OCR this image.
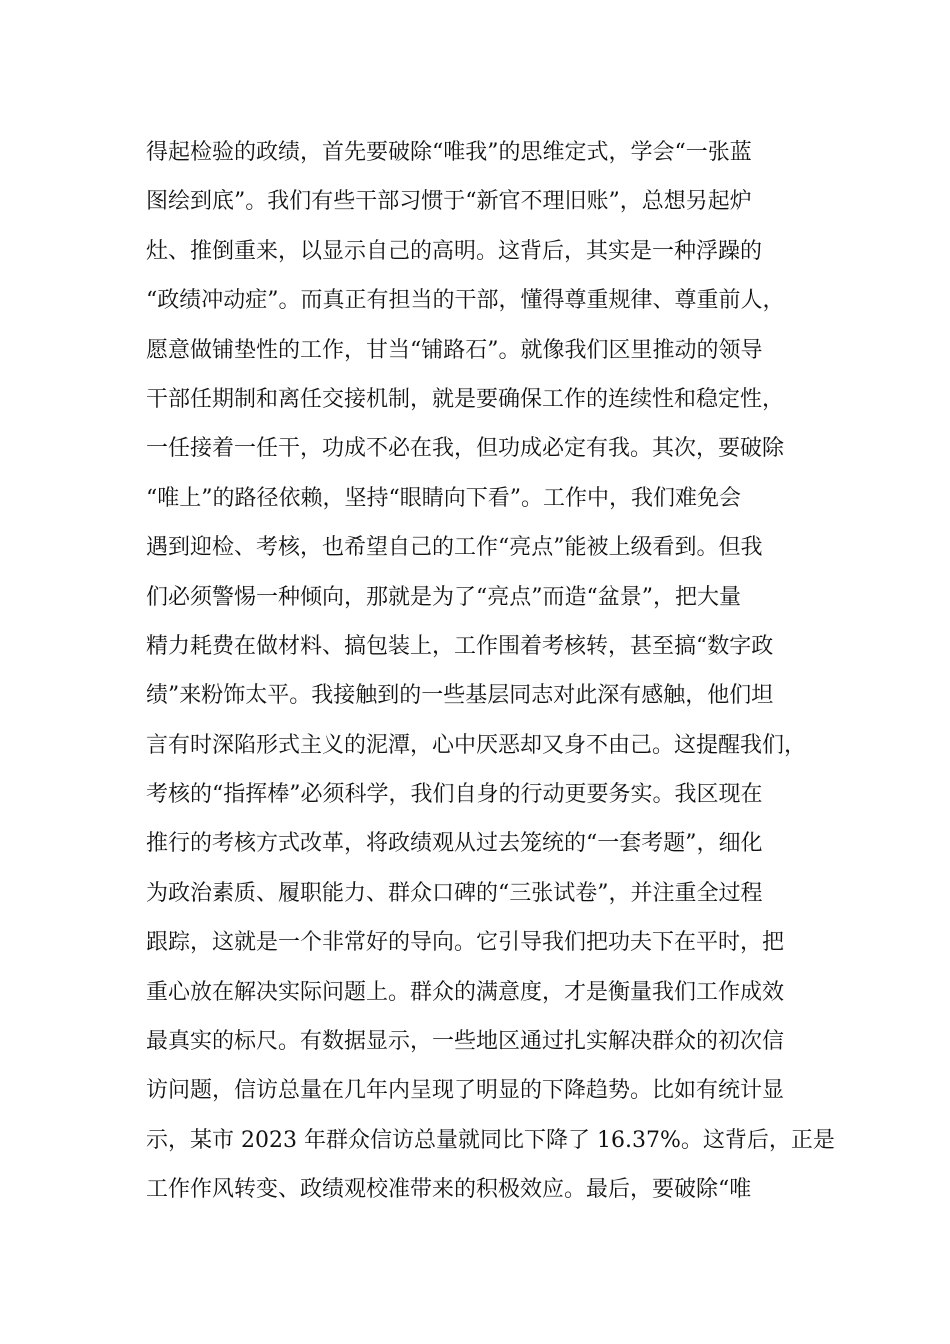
得起检验的政绩，首先要破除“唯我”的思维定式，学会“一张蓝
图绘到底”。我们有些干部习惯于“新官不理旧账”，总想另起炉
灶、推倒重来，以显示自己的高明。这背后，其实是一种浮躁的
“政绩冲动症”。而真正有担当的干部，懂得尊重规律、尊重前人，
愿意做铺垫性的工作，甘当“铺路石”。就像我们区里推动的领导
干部任期制和离任交接机制，就是要确保工作的连续性和稳定性，
一任接着一任干，功成不必在我，但功成必定有我。其次，要破除
“唯上”的路径依赖，坚持“眼睛向下看”。工作中，我们难免会
遇到迎检、考核，也希望自己的工作“亮点”能被上级看到。但我
们必须警惕一种倾向，那就是为了“亮点”而造“盆景”，把大量
精力耗费在做材料、搞包装上，工作围着考核转，甚至搞“数字政
绩”来粉饰太平。我接触到的一些基层同志对此深有感触，他们坦
言有时深陷形式主义的泥潭，心中厌恶却又身不由己。这提醒我们，
考核的“指挥棒”必须科学，我们自身的行动更要务实。我区现在
推行的考核方式改革，将政绩观从过去笼统的“一套考题”，细化
为政治素质、履职能力、群众口碑的“三张试卷”，并注重全过程
跟踪，这就是一个非常好的导向。它引导我们把功夫下在平时，把
重心放在解决实际问题上。群众的满意度，才是衡量我们工作成效
最真实的标尺。有数据显示，一些地区通过扎实解决群众的初次信
访问题，信访总量在几年内呈现了明显的下降趋势。比如有统计显
示，某市 2023 年群众信访总量就同比下降了 16.37%。这背后，正是
工作作风转变、政绩观校准带来的积极效应。最后，要破除“唯
